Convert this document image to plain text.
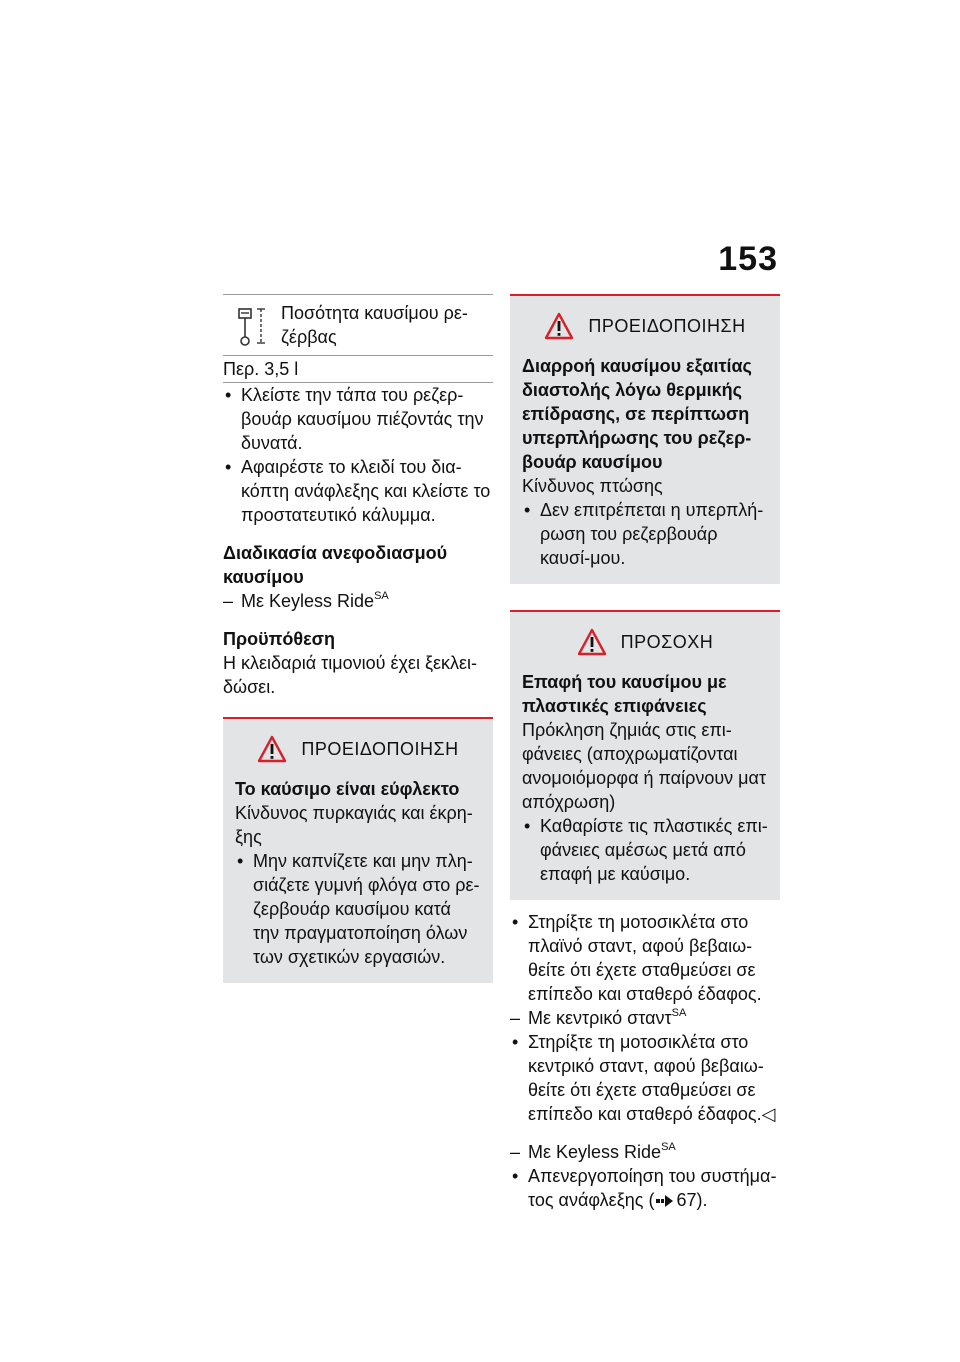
153
Ποσότητα καυσίμου ρε-ζέρβας
Περ. 3,5 l
• Κλείστε την τάπα του ρεζερ-βουάρ καυσίμου πιέζοντάς την δυνατά.
• Αφαιρέστε το κλειδί του δια-κόπτη ανάφλεξης και κλείστε το προστατευτικό κάλυμμα.

Διαδικασία ανεφοδιασμού καυσίμου

– Με Keyless Ride$^{SA}$

Προϋπόθεση

Η κλειδαριά τιμονιού έχει ξεκλει-δώσει.

ΠΡΟΕΙΔΟΠΟΙΗΣΗ
Το καύσιμο είναι εύφλεκτο

Κίνδυνος πυρκαγιάς και έκρη-ξης

• Μην καπνίζετε και μην πλη-σιάζετε γυμνή φλόγα στο ρε-ζερβουάρ καυσίμου κατά την πραγματοποίηση όλων των σχετικών εργασιών.
ΠΡΟΕΙΔΟΠΟΙΗΣΗ
Διαρροή καυσίμου εξαιτίας διαστολής λόγω θερμικής επίδρασης, σε περίπτωση υπερπλήρωσης του ρεζερ-βουάρ καυσίμου

Κίνδυνος πτώσης

• Δεν επιτρέπεται η υπερπλή-ρωση του ρεζερβουάρ καυσί-μου.
ΠΡΟΣΟΧΗ
Επαφή του καυσίμου με πλαστικές επιφάνειες

Πρόκληση ζημιάς στις επι-φάνειες (αποχρωματίζονται ανομοιόμορφα ή παίρνουν ματ απόχρωση)

• Καθαρίστε τις πλαστικές επι-φάνειες αμέσως μετά από επαφή με καύσιμο.
• Στηρίξτε τη μοτοσικλέτα στο πλαϊνό σταντ, αφού βεβαιω-θείτε ότι έχετε σταθμεύσει σε επίπεδο και σταθερό έδαφος.
– Με κεντρικό σταντ$^{SA}$
• Στηρίξτε τη μοτοσικλέτα στο κεντρικό σταντ, αφού βεβαιω-θείτε ότι έχετε σταθμεύσει σε επίπεδο και σταθερό έδαφος.◁
– Με Keyless Ride$^{SA}$
• Απενεργοποίηση του συστήμα-τος ανάφλεξης ( 67).
